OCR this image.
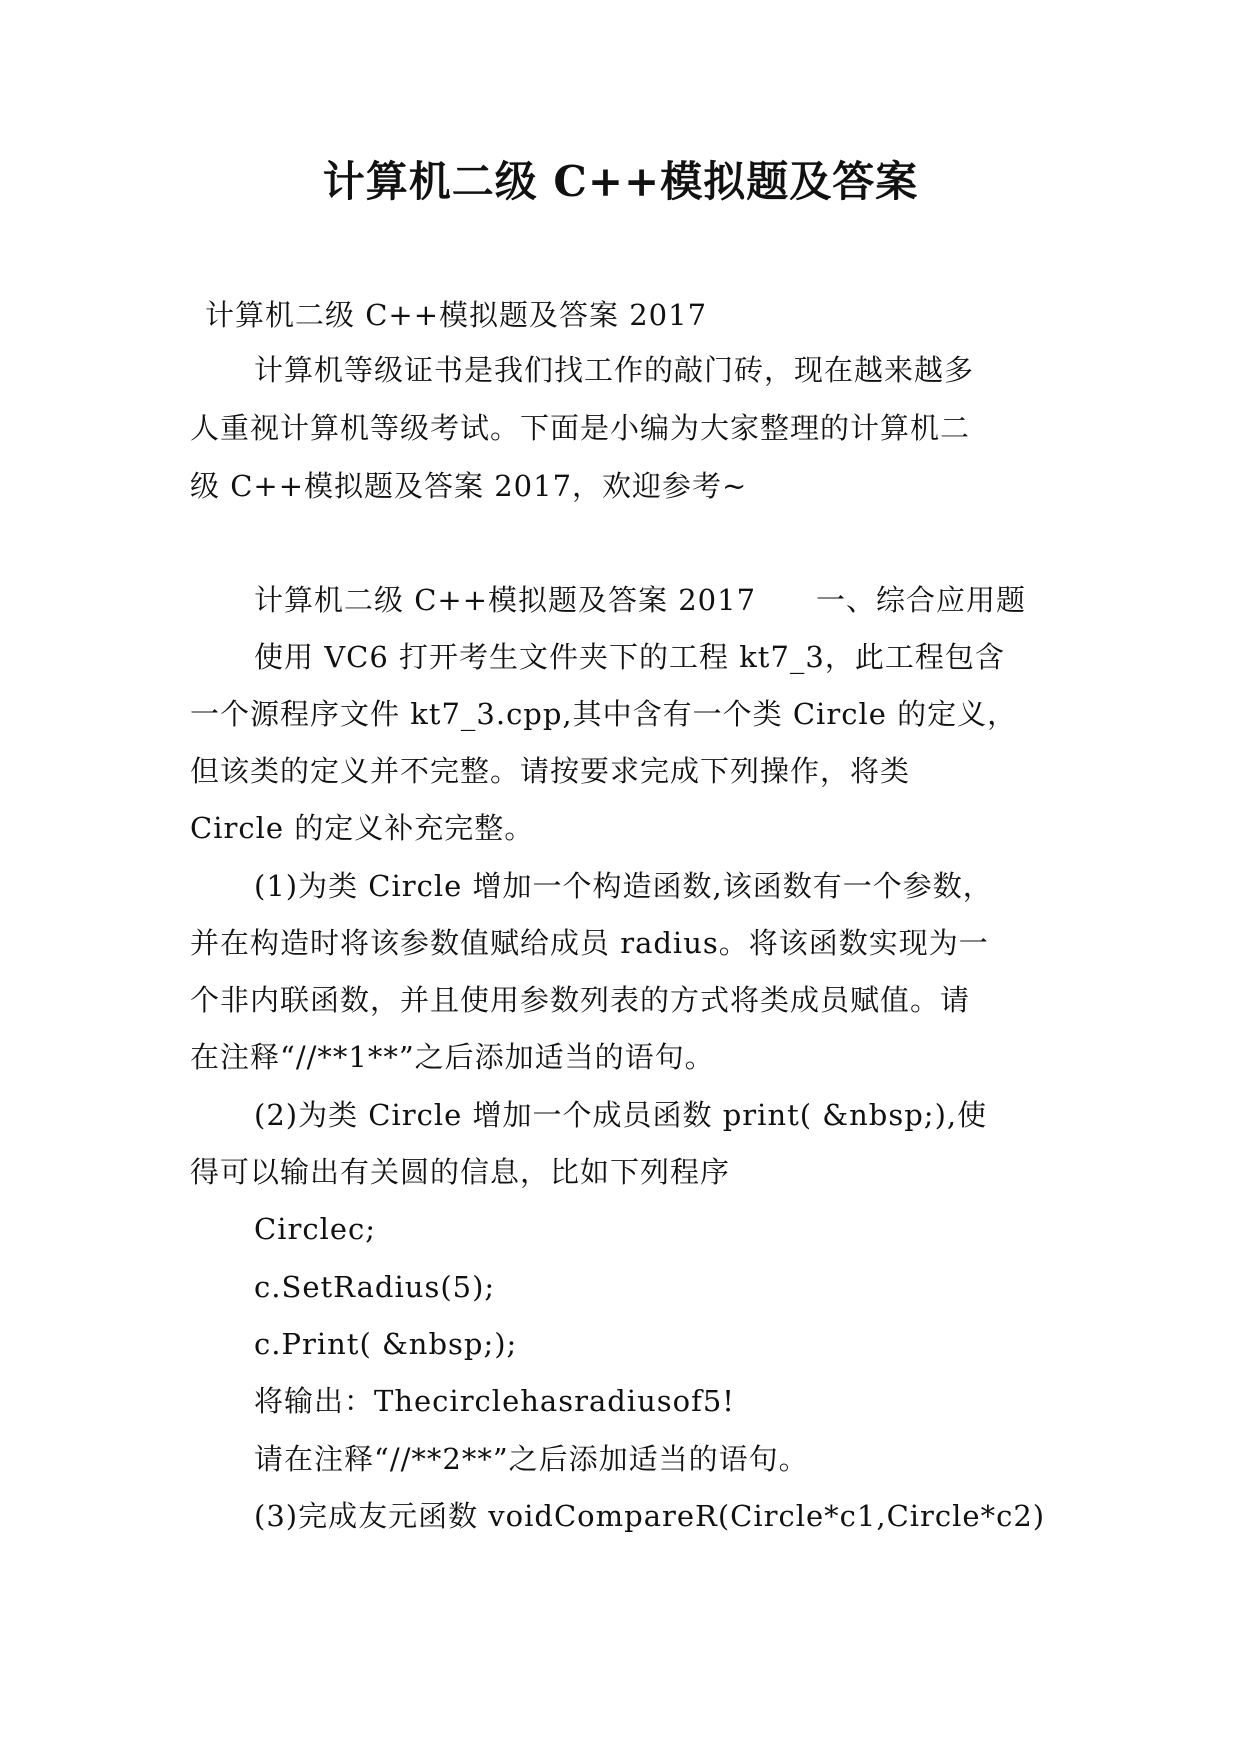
计算机二级 C++模拟题及答案
计算机二级 C++模拟题及答案 2017
计算机等级证书是我们找工作的敲门砖，现在越来越多
人重视计算机等级考试。下面是小编为大家整理的计算机二
级 C++模拟题及答案 2017，欢迎参考~
计算机二级 C++模拟题及答案 2017 一、综合应用题
使用 VC6 打开考生文件夹下的工程 kt7_3，此工程包含
一个源程序文件 kt7_3.cpp,其中含有一个类 Circle 的定义，
但该类的定义并不完整。请按要求完成下列操作，将类
Circle 的定义补充完整。
(1)为类 Circle 增加一个构造函数,该函数有一个参数，
并在构造时将该参数值赋给成员 radius。将该函数实现为一
个非内联函数，并且使用参数列表的方式将类成员赋值。请
在注释“//**1**”之后添加适当的语句。
(2)为类 Circle 增加一个成员函数 print( &nbsp;),使
得可以输出有关圆的信息，比如下列程序
Circlec;
c.SetRadius(5);
c.Print( &nbsp;);
将输出：Thecirclehasradiusof5!
请在注释“//**2**”之后添加适当的语句。
(3)完成友元函数 voidCompareR(Circle*c1,Circle*c2)
